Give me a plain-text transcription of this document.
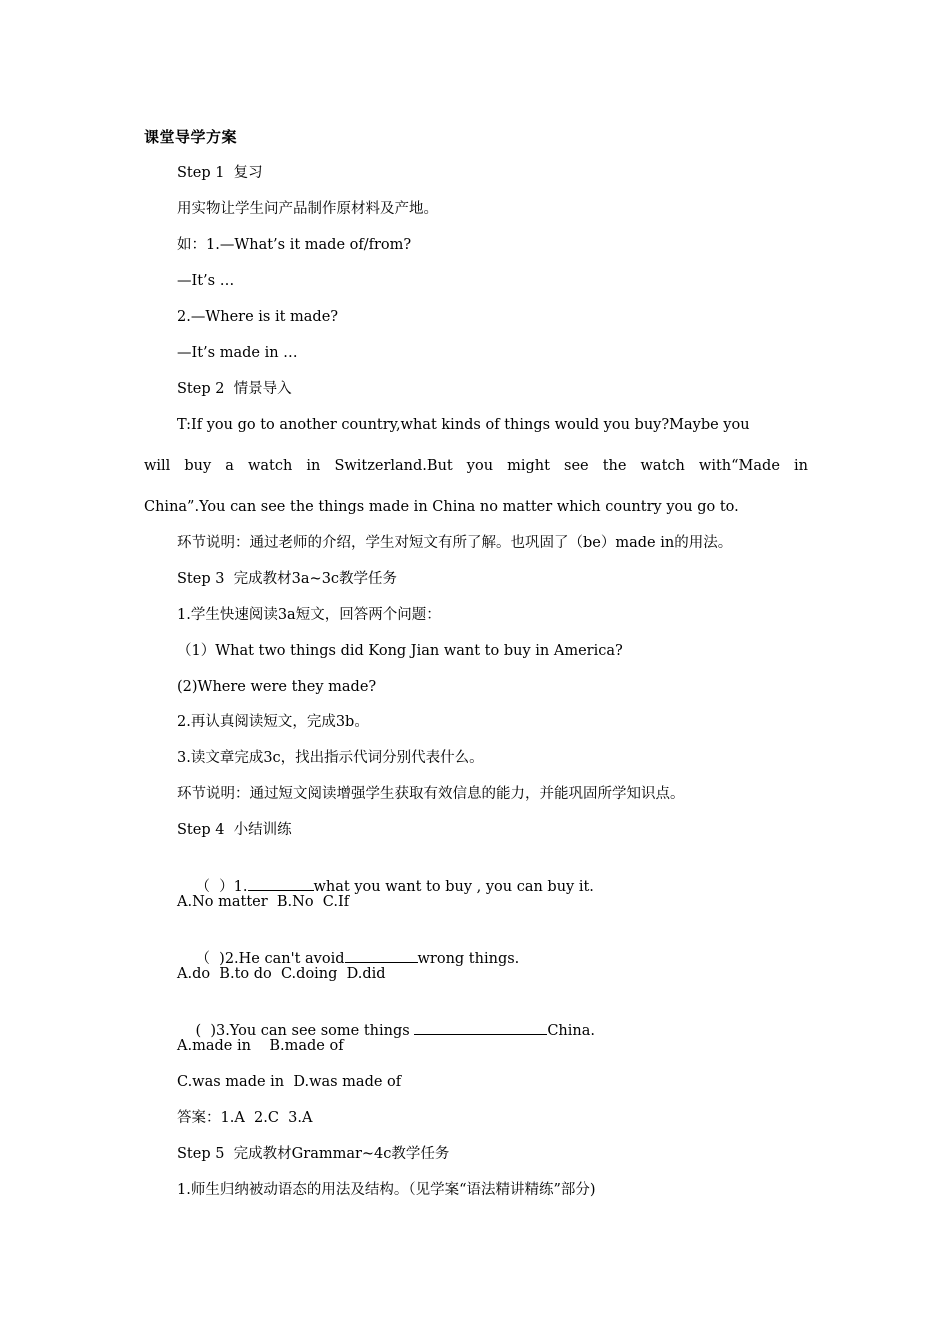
课堂导学方案
Step 1  复习
用实物让学生问产品制作原材料及产地。
如：1.—What’s it made of/from?
—It’s …
2.—Where is it made?
—It’s made in …
Step 2  情景导入
T:If you go to another country,what kinds of things would you buy?Maybe you
will buy a watch in Switzerland.But you might see the watch with“Made in
China”.You can see the things made in China no matter which country you go to.
环节说明：通过老师的介绍，学生对短文有所了解。也巩固了（be）made in的用法。
Step 3  完成教材3a~3c教学任务
1.学生快速阅读3a短文，回答两个问题：
（1）What two things did Kong Jian want to buy in America?
(2)Where were they made?
2.再认真阅读短文，完成3b。
3.读文章完成3c，找出指示代词分别代表什么。
环节说明：通过短文阅读增强学生获取有效信息的能力，并能巩固所学知识点。
Step 4  小结训练

（  ）1.	what you want to buy , you can buy it.

A.No matter  B.No  C.If

（  )2.He can't avoid	wrong things.

A.do  B.to do  C.doing  D.did

(  )3.You can see some things	China.

A.made in    B.made of
C.was made in  D.was made of
答案：1.A  2.C  3.A
Step 5  完成教材Grammar~4c教学任务
1.师生归纳被动语态的用法及结构。（见学案“语法精讲精练”部分)
